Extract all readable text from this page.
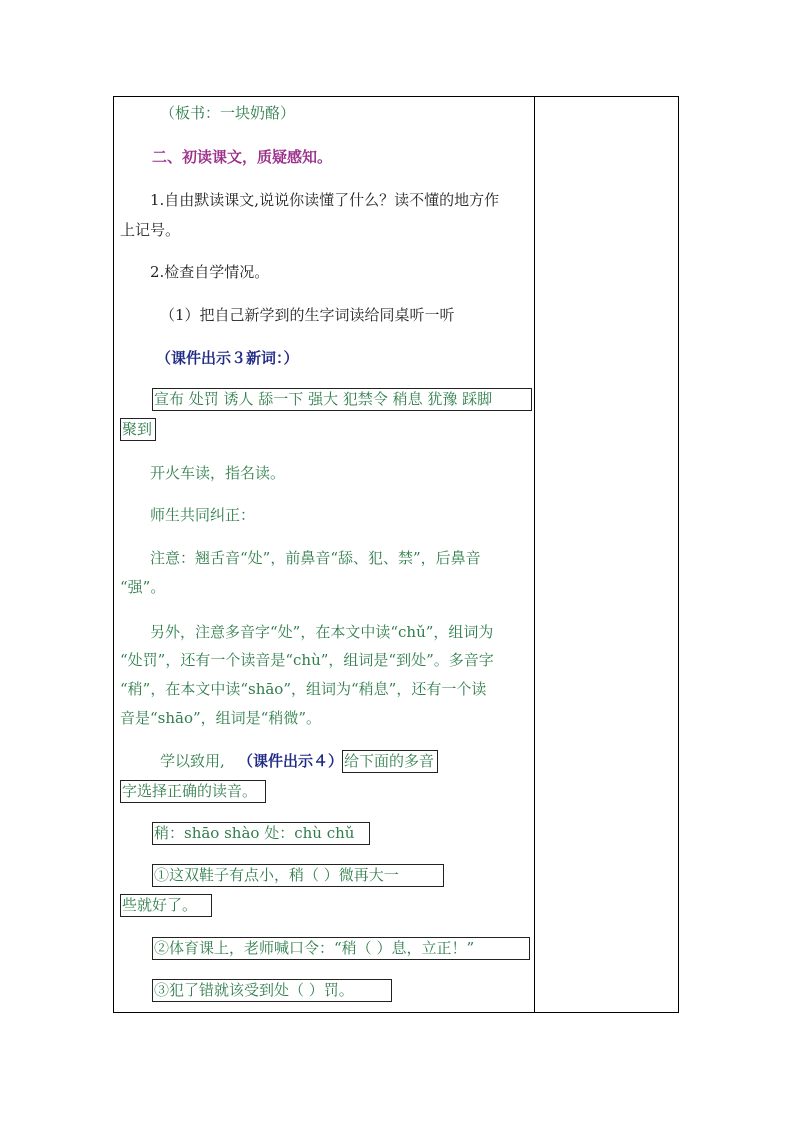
（板书：一块奶酪）
二、初读课文，质疑感知。
1.自由默读课文,说说你读懂了什么？读不懂的地方作
上记号。
2.检查自学情况。
（1）把自己新学到的生字词读给同桌听一听
（课件出示３新词：）
宣布 处罚 诱人 舔一下 强大 犯禁令 稍息 犹豫 踩脚
聚到
开火车读，指名读。
师生共同纠正：
注意：翘舌音“处”，前鼻音“舔、犯、禁”，后鼻音
“强”。
另外，注意多音字“处”，在本文中读“chǔ”，组词为
“处罚”，还有一个读音是“chù”，组词是“到处”。多音字
“稍”，在本文中读“shāo”，组词为“稍息”，还有一个读
音是“shāo”，组词是“稍微”。
学以致用, （课件出示４） 给下面的多音
字选择正确的读音。
稍：shāo shào 处：chù chǔ
①这双鞋子有点小，稍（ ）微再大一
些就好了。
②体育课上，老师喊口令：“稍（ ）息，立正！”
③犯了错就该受到处（ ）罚。
